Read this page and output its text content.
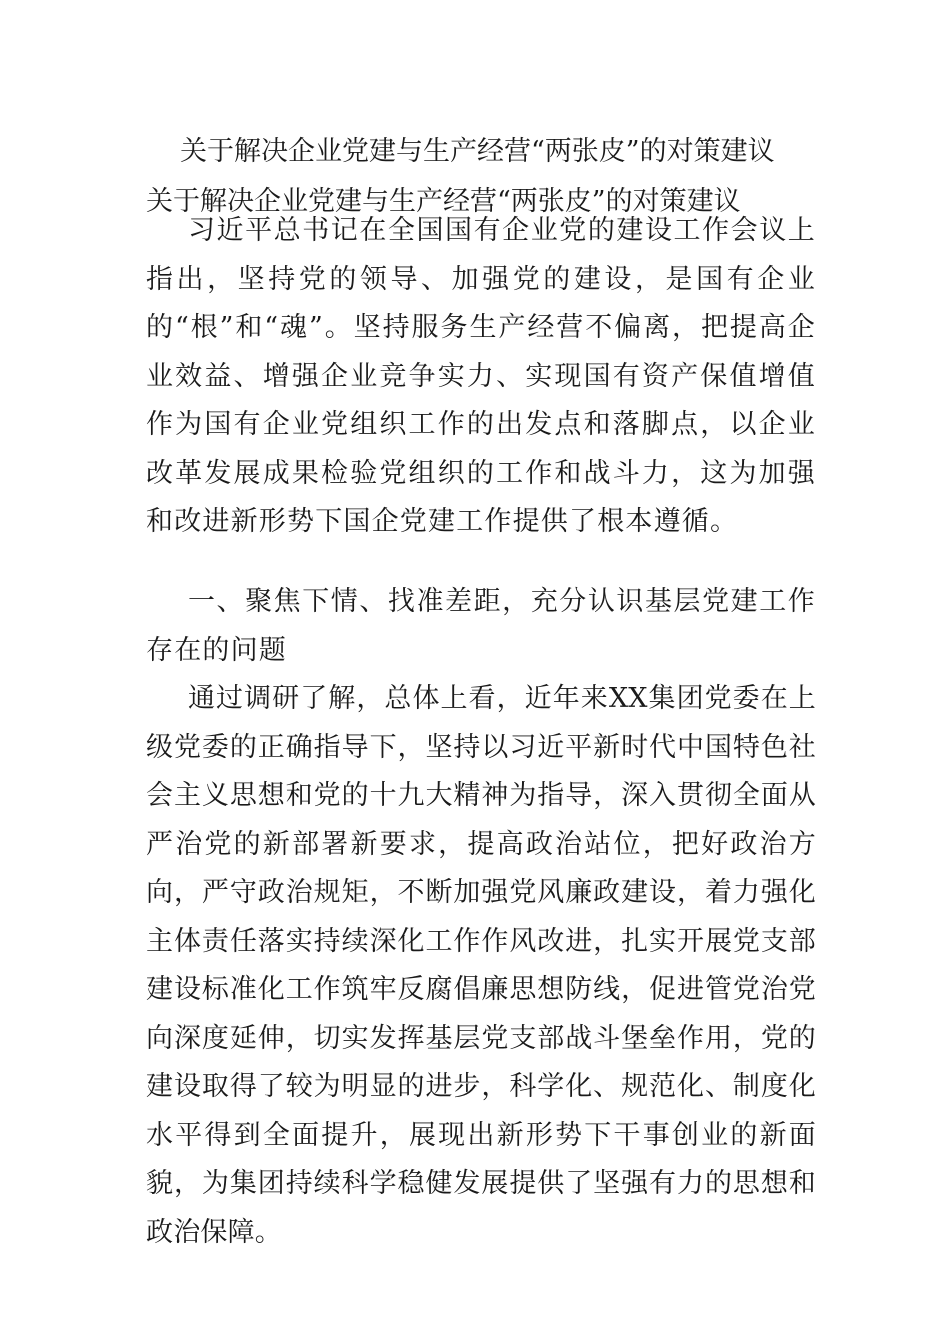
关于解决企业党建与生产经营“两张皮”的对策建议
关于解决企业党建与生产经营“两张皮”的对策建议

习近平总书记在全国国有企业党的建设工作会议上指出，坚持党的领导、加强党的建设，是国有企业的“根”和“魂”。坚持服务生产经营不偏离，把提高企业效益、增强企业竞争实力、实现国有资产保值增值作为国有企业党组织工作的出发点和落脚点，以企业改革发展成果检验党组织的工作和战斗力，这为加强和改进新形势下国企党建工作提供了根本遵循。

一、聚焦下情、找准差距，充分认识基层党建工作存在的问题

通过调研了解，总体上看，近年来XX集团党委在上级党委的正确指导下，坚持以习近平新时代中国特色社会主义思想和党的十九大精神为指导，深入贯彻全面从严治党的新部署新要求，提高政治站位，把好政治方向，严守政治规矩，不断加强党风廉政建设，着力强化主体责任落实持续深化工作作风改进，扎实开展党支部建设标准化工作筑牢反腐倡廉思想防线，促进管党治党向深度延伸，切实发挥基层党支部战斗堡垒作用，党的建设取得了较为明显的进步，科学化、规范化、制度化水平得到全面提升，展现出新形势下干事创业的新面貌，为集团持续科学稳健发展提供了坚强有力的思想和政治保障。
